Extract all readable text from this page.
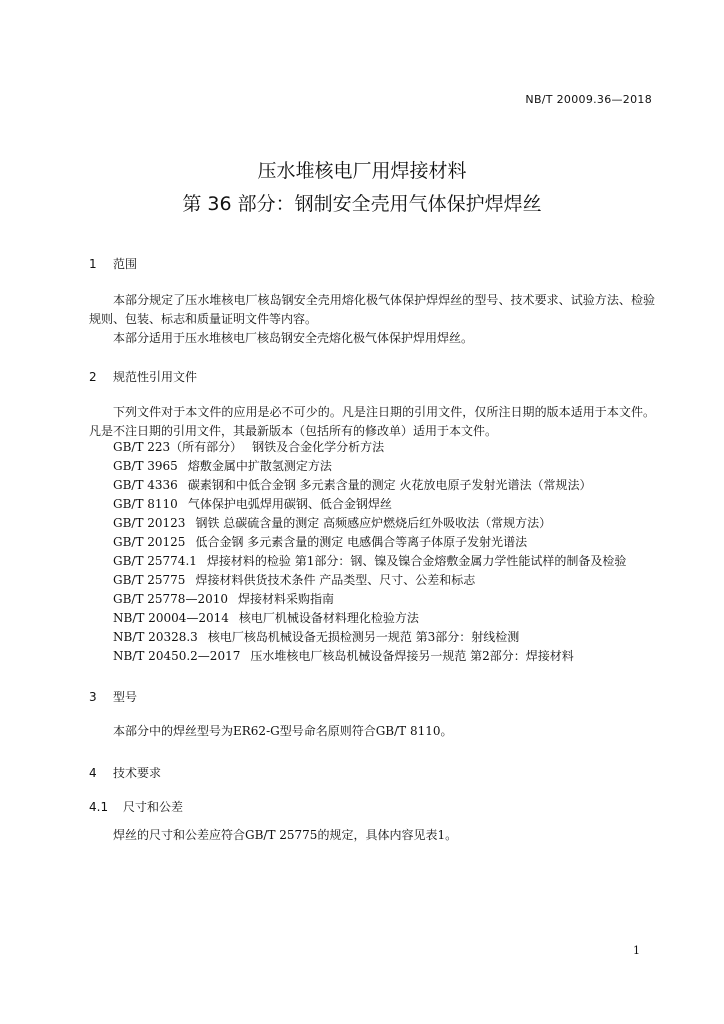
NB/T 20009.36—2018

压水堆核电厂用焊接材料
第 36 部分：钢制安全壳用气体保护焊焊丝
1 范围

本部分规定了压水堆核电厂核岛钢安全壳用熔化极气体保护焊焊丝的型号、技术要求、试验方法、检验规则、包装、标志和质量证明文件等内容。

本部分适用于压水堆核电厂核岛钢安全壳熔化极气体保护焊用焊丝。

2 规范性引用文件

下列文件对于本文件的应用是必不可少的。凡是注日期的引用文件，仅所注日期的版本适用于本文件。凡是不注日期的引用文件，其最新版本（包括所有的修改单）适用于本文件。

GB/T 223（所有部分） 钢铁及合金化学分析方法
GB/T 3965 熔敷金属中扩散氢测定方法
GB/T 4336 碳素钢和中低合金钢 多元素含量的测定 火花放电原子发射光谱法（常规法）
GB/T 8110 气体保护电弧焊用碳钢、低合金钢焊丝
GB/T 20123 钢铁 总碳硫含量的测定 高频感应炉燃烧后红外吸收法（常规方法）
GB/T 20125 低合金钢 多元素含量的测定 电感偶合等离子体原子发射光谱法
GB/T 25774.1 焊接材料的检验 第1部分：钢、镍及镍合金熔敷金属力学性能试样的制备及检验
GB/T 25775 焊接材料供货技术条件 产品类型、尺寸、公差和标志
GB/T 25778—2010 焊接材料采购指南
NB/T 20004—2014 核电厂机械设备材料理化检验方法
NB/T 20328.3 核电厂核岛机械设备无损检测另一规范 第3部分：射线检测
NB/T 20450.2—2017 压水堆核电厂核岛机械设备焊接另一规范 第2部分：焊接材料
3 型号

本部分中的焊丝型号为ER62-G型号命名原则符合GB/T 8110。

4 技术要求
4.1 尺寸和公差

焊丝的尺寸和公差应符合GB/T 25775的规定，具体内容见表1。

1
